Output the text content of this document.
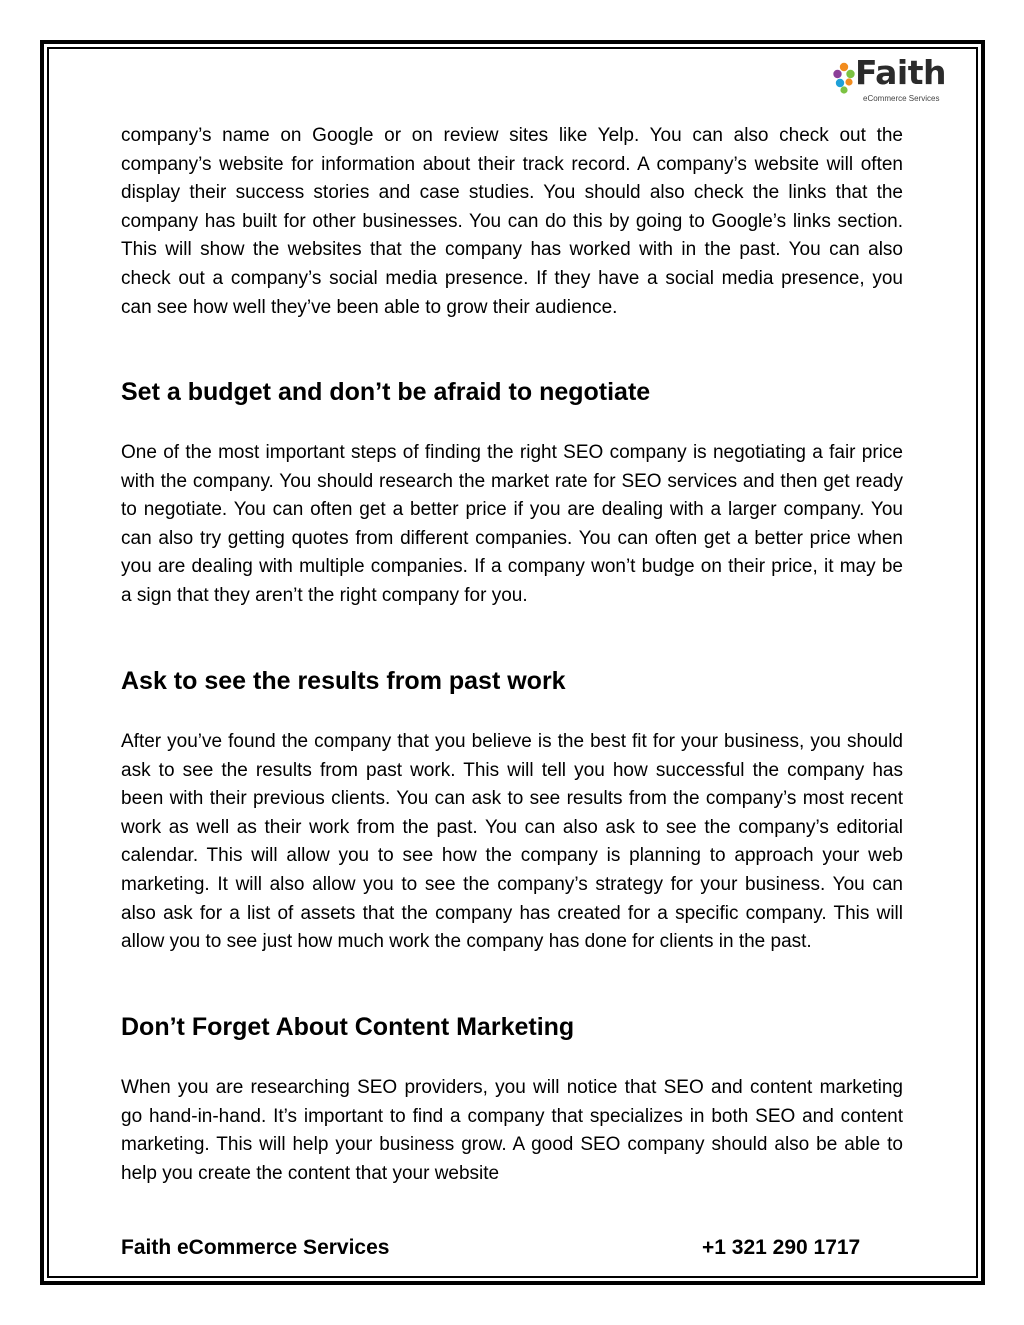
Faith
eCommerce Services

company’s name on Google or on review sites like Yelp. You can also check out the company’s website for information about their track record. A company’s website will often display their success stories and case studies. You should also check the links that the company has built for other businesses. You can do this by going to Google’s links section. This will show the websites that the company has worked with in the past. You can also check out a company’s social media presence. If they have a social media presence, you can see how well they’ve been able to grow their audience.

Set a budget and don’t be afraid to negotiate

One of the most important steps of finding the right SEO company is negotiating a fair price with the company. You should research the market rate for SEO services and then get ready to negotiate. You can often get a better price if you are dealing with a larger company. You can also try getting quotes from different companies. You can often get a better price when you are dealing with multiple companies. If a company won’t budge on their price, it may be a sign that they aren’t the right company for you.

Ask to see the results from past work

After you’ve found the company that you believe is the best fit for your business, you should ask to see the results from past work. This will tell you how successful the company has been with their previous clients. You can ask to see results from the company’s most recent work as well as their work from the past. You can also ask to see the company’s editorial calendar. This will allow you to see how the company is planning to approach your web marketing. It will also allow you to see the company’s strategy for your business. You can also ask for a list of assets that the company has created for a specific company. This will allow you to see just how much work the company has done for clients in the past.

Don’t Forget About Content Marketing

When you are researching SEO providers, you will notice that SEO and content marketing go hand-in-hand. It’s important to find a company that specializes in both SEO and content marketing. This will help your business grow. A good SEO company should also be able to help you create the content that your website

Faith eCommerce Services	+1 321 290 1717
